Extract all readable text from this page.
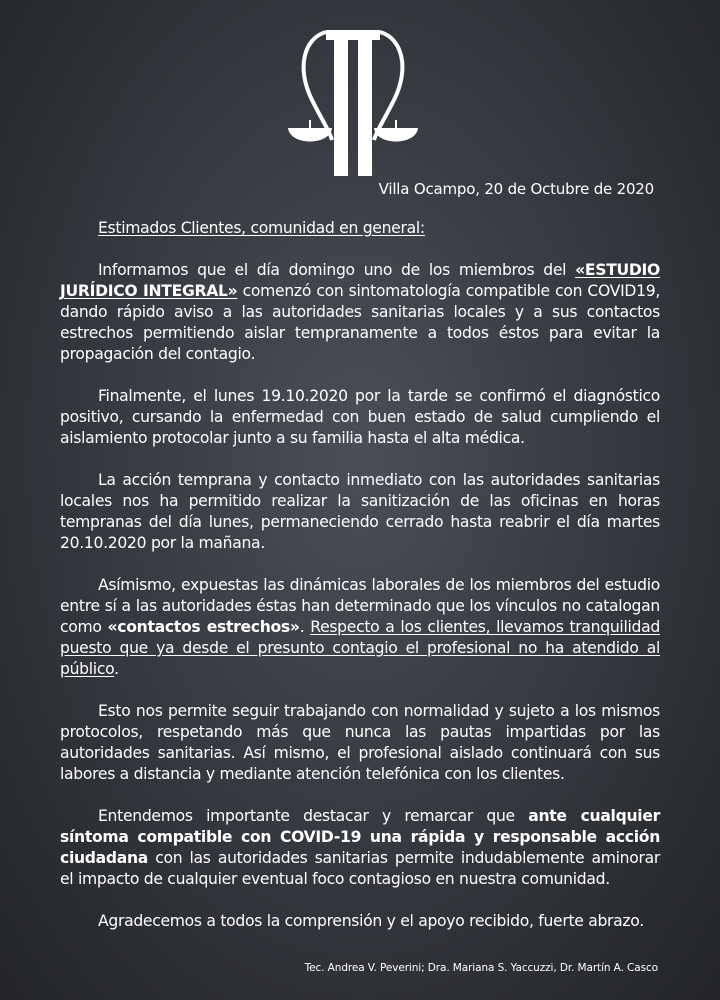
Villa Ocampo, 20 de Octubre de 2020

Estimados Clientes, comunidad en general:

Informamos que el día domingo uno de los miembros del «ESTUDIO JURÍDICO INTEGRAL» comenzó con sintomatología compatible con COVID19, dando rápido aviso a las autoridades sanitarias locales y a sus contactos estrechos permitiendo aislar tempranamente a todos éstos para evitar la propagación del contagio.

Finalmente, el lunes 19.10.2020 por la tarde se confirmó el diagnóstico positivo, cursando la enfermedad con buen estado de salud cumpliendo el aislamiento protocolar junto a su familia hasta el alta médica.

La acción temprana y contacto inmediato con las autoridades sanitarias locales nos ha permitido realizar la sanitización de las oficinas en horas tempranas del día lunes, permaneciendo cerrado hasta reabrir el día martes 20.10.2020 por la mañana.

Asímismo, expuestas las dinámicas laborales de los miembros del estudio entre sí a las autoridades éstas han determinado que los vínculos no catalogan como «contactos estrechos». Respecto a los clientes, llevamos tranquilidad puesto que ya desde el presunto contagio el profesional no ha atendido al público.

Esto nos permite seguir trabajando con normalidad y sujeto a los mismos protocolos, respetando más que nunca las pautas impartidas por las autoridades sanitarias. Así mismo, el profesional aislado continuará con sus labores a distancia y mediante atención telefónica con los clientes.

Entendemos importante destacar y remarcar que ante cualquier síntoma compatible con COVID-19 una rápida y responsable acción ciudadana con las autoridades sanitarias permite indudablemente aminorar el impacto de cualquier eventual foco contagioso en nuestra comunidad.

Agradecemos a todos la comprensión y el apoyo recibido, fuerte abrazo.

Tec. Andrea V. Peverini; Dra. Mariana S. Yaccuzzi, Dr. Martín A. Casco
